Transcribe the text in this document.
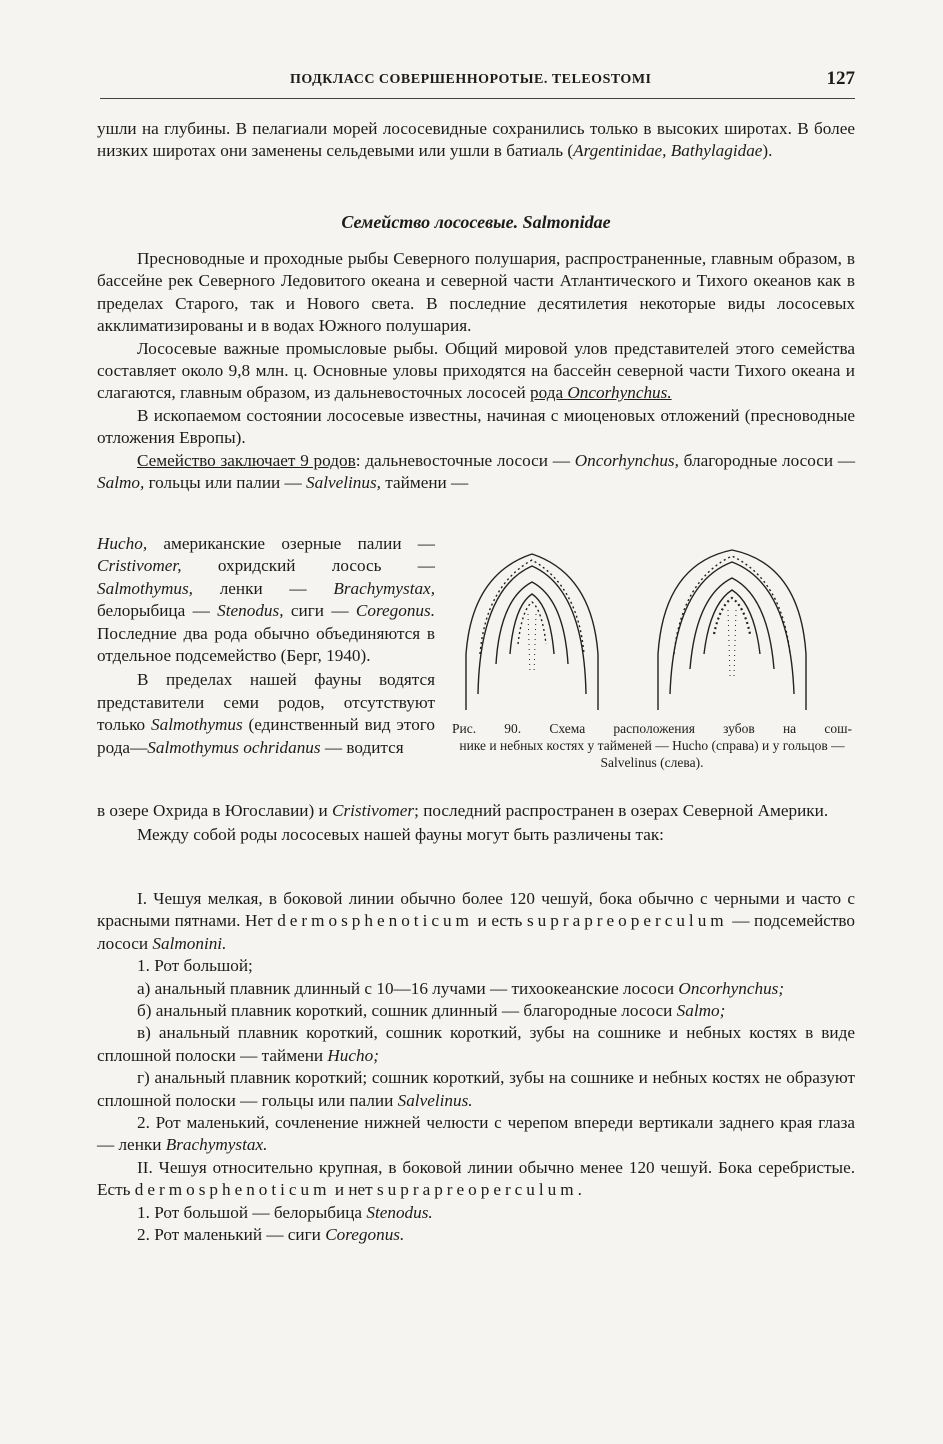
ПОДКЛАСС СОВЕРШЕННОРОТЫЕ. TELEOSTOMI	127

ушли на глубины. В пелагиали морей лососевидные сохранились только в высоких широтах. В более низких широтах они заменены сельдевыми или ушли в батиаль (Argentinidae, Bathylagidae).

Семейство лососевые. Salmonidae

Пресноводные и проходные рыбы Северного полушария, распространенные, главным образом, в бассейне рек Северного Ледовитого океана и северной части Атлантического и Тихого океанов как в пределах Старого, так и Нового света. В последние десятилетия некоторые виды лососевых акклиматизированы и в водах Южного полушария.

Лососевые важные промысловые рыбы. Общий мировой улов представителей этого семейства составляет около 9,8 млн. ц. Основные уловы приходятся на бассейн северной части Тихого океана и слагаются, главным образом, из дальневосточных лососей рода Oncorhynchus.

В ископаемом состоянии лососевые известны, начиная с миоценовых отложений (пресноводные отложения Европы).

Семейство заключает 9 родов: дальневосточные лососи — Oncorhynchus, благородные лососи — Salmo, гольцы или палии — Salvelinus, таймени —

Hucho, американские озерные палии — Cristivomer, охридский лосось — Salmothymus, ленки — Brachymystax, белорыбица — Stenodus, сиги — Coregonus. Последние два рода обычно объединяются в отдельное подсемейство (Берг, 1940).

В пределах нашей фауны водятся представители семи родов, отсутствуют только Salmothymus (единственный вид этого рода—Salmothymus ochridanus — водится

Рис. 90. Схема расположения зубов на сош-
нике и небных костях у тайменей — Hucho (справа) и у гольцов — Salvelinus (слева).

в озере Охрида в Югославии) и Cristivomer; последний распространен в озерах Северной Америки.

Между собой роды лососевых нашей фауны могут быть различены так:

I. Чешуя мелкая, в боковой линии обычно более 120 чешуй, бока обычно с черными и часто с красными пятнами. Нет dermosphenoticum и есть suprapreoperculum — подсемейство лососи Salmonini.

1. Рот большой;

а) анальный плавник длинный с 10—16 лучами — тихоокеанские лососи Oncorhynchus;

б) анальный плавник короткий, сошник длинный — благородные лососи Salmo;

в) анальный плавник короткий, сошник короткий, зубы на сошнике и небных костях в виде сплошной полоски — таймени Hucho;

г) анальный плавник короткий; сошник короткий, зубы на сошнике и небных костях не образуют сплошной полоски — гольцы или палии Salvelinus.

2. Рот маленький, сочленение нижней челюсти с черепом впереди вертикали заднего края глаза — ленки Brachymystax.

II. Чешуя относительно крупная, в боковой линии обычно менее 120 чешуй. Бока серебристые. Есть dermosphenoticum и нет suprapreoperculum.

1. Рот большой — белорыбица Stenodus.

2. Рот маленький — сиги Coregonus.
